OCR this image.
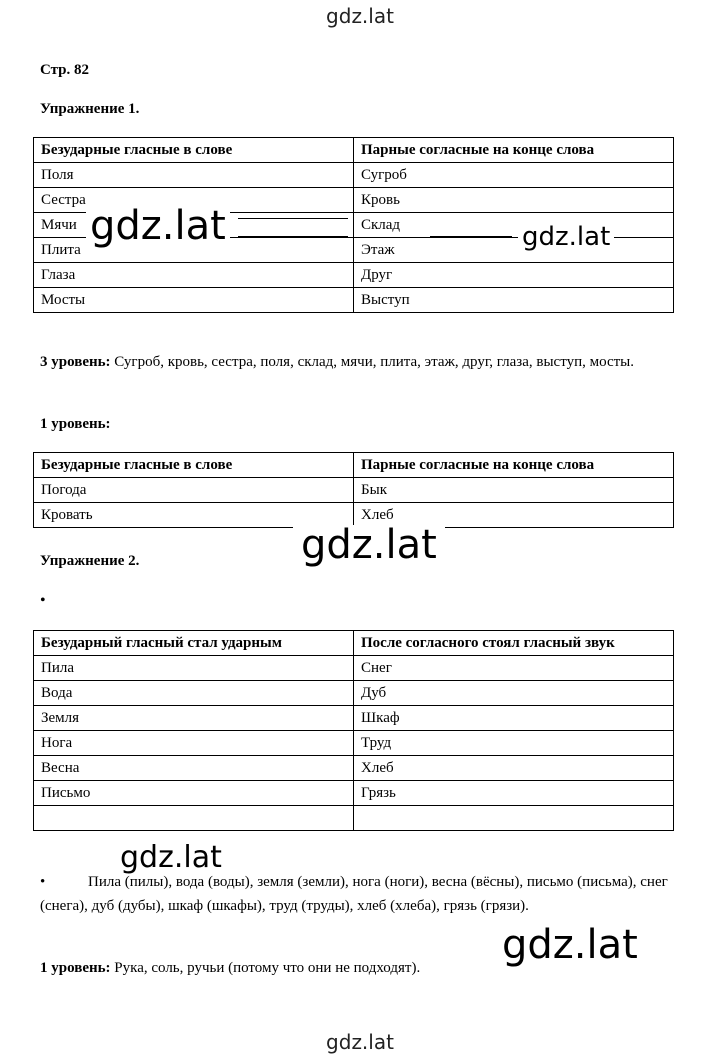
gdz.lat
Стр. 82
Упражнение 1.
Безударные гласные в слове	Парные согласные на конце слова
Поля	Сугроб
Сестра	Кровь
Мячи	Склад
Плита	Этаж
Глаза	Друг
Мосты	Выступ
gdz.lat	gdz.lat
3 уровень: Сугроб, кровь, сестра, поля, склад, мячи, плита, этаж, друг, глаза, выступ, мосты.
1 уровень:
Безударные гласные в слове	Парные согласные на конце слова
Погода	Бык
Кровать	Хлеб
gdz.lat
Упражнение 2.
•
Безударный гласный стал ударным	После согласного стоял гласный звук
Пила	Снег
Вода	Дуб
Земля	Шкаф
Нога	Труд
Весна	Хлеб
Письмо	Грязь

gdz.lat
•	Пила (пилы), вода (воды), земля (земли), нога (ноги), весна (вёсны), письмо (письма), снег (снега), дуб (дубы), шкаф (шкафы), труд (труды), хлеб (хлеба), грязь (грязи).
gdz.lat
1 уровень: Рука, соль, ручьи (потому что они не подходят).
gdz.lat
